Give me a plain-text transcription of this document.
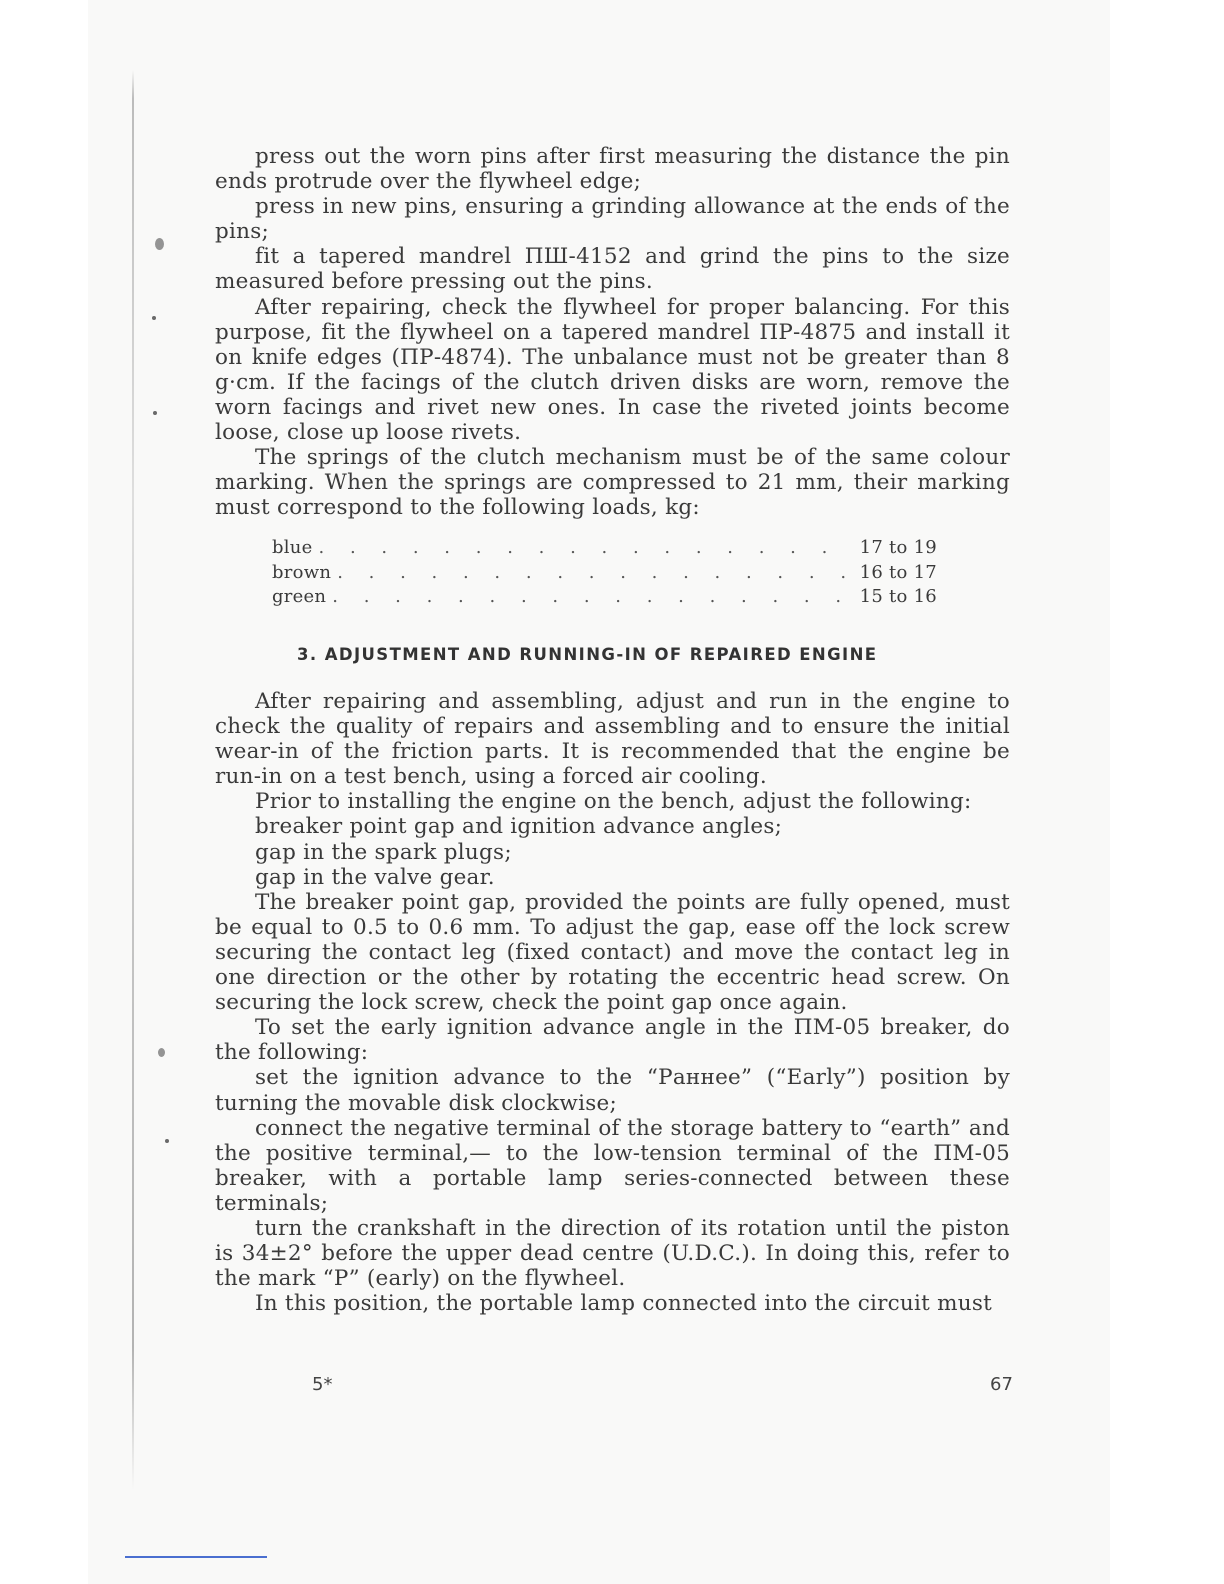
press out the worn pins after first measuring the distance the pin ends protrude over the flywheel edge;

press in new pins, ensuring a grinding allowance at the ends of the pins;

fit a tapered mandrel ПШ-4152 and grind the pins to the size measured before pressing out the pins.

After repairing, check the flywheel for proper balancing. For this purpose, fit the flywheel on a tapered mandrel ПР-4875 and install it on knife edges (ПР-4874). The unbalance must not be greater than 8 g·cm. If the facings of the clutch driven disks are worn, remove the worn facings and rivet new ones. In case the riveted joints become loose, close up loose rivets.

The springs of the clutch mechanism must be of the same colour marking. When the springs are compressed to 21 mm, their marking must correspond to the following loads, kg:

blue . . .	17 to 19
brown . . .	16 to 17
green . . .	15 to 16
3. ADJUSTMENT AND RUNNING-IN OF REPAIRED ENGINE

After repairing and assembling, adjust and run in the engine to check the quality of repairs and assembling and to ensure the initial wear-in of the friction parts. It is recommended that the engine be run-in on a test bench, using a forced air cooling.

Prior to installing the engine on the bench, adjust the following:

breaker point gap and ignition advance angles;

gap in the spark plugs;

gap in the valve gear.

The breaker point gap, provided the points are fully opened, must be equal to 0.5 to 0.6 mm. To adjust the gap, ease off the lock screw securing the contact leg (fixed contact) and move the contact leg in one direction or the other by rotating the eccentric head screw. On securing the lock screw, check the point gap once again.

To set the early ignition advance angle in the ПМ-05 breaker, do the following:

set the ignition advance to the “Раннее” (“Early”) position by turning the movable disk clockwise;

connect the negative terminal of the storage battery to “earth” and the positive terminal,— to the low-tension terminal of the ПМ-05 breaker, with a portable lamp series-connected between these terminals;

turn the crankshaft in the direction of its rotation until the piston is 34±2° before the upper dead centre (U.D.C.). In doing this, refer to the mark “P” (early) on the flywheel.

In this position, the portable lamp connected into the circuit must

5*	67
